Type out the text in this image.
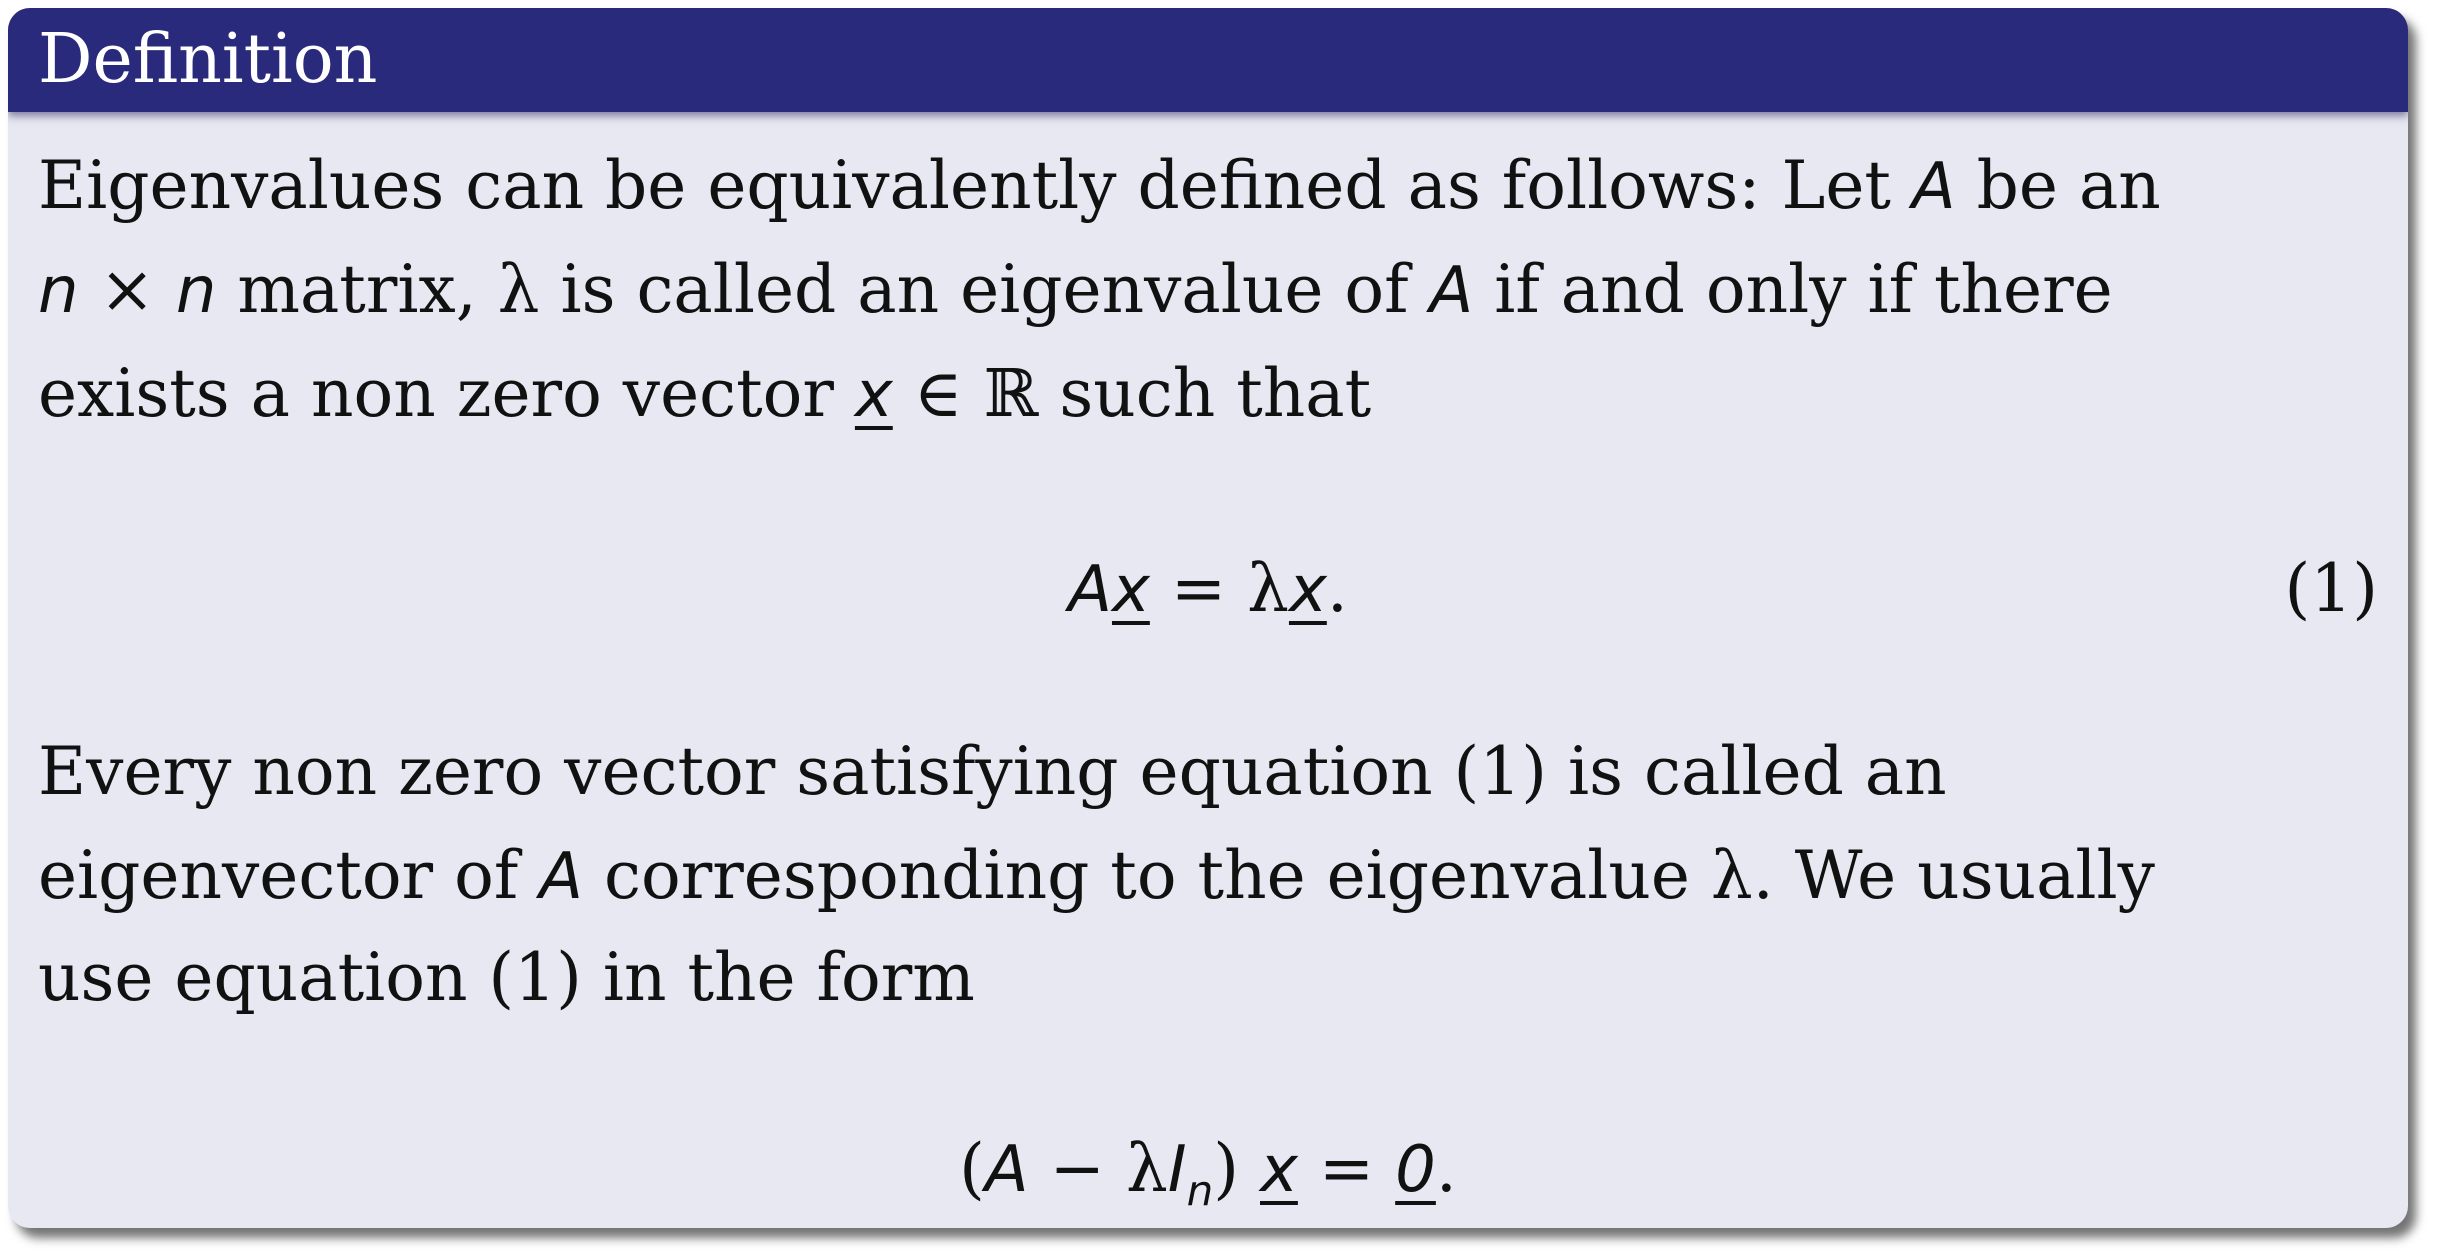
Definition
Eigenvalues can be equivalently defined as follows: Let A be an
n × n matrix, λ is called an eigenvalue of A if and only if there
exists a non zero vector x ∈ ℝ such that
Ax = λx.	(1)
Every non zero vector satisfying equation (1) is called an
eigenvector of A corresponding to the eigenvalue λ. We usually
use equation (1) in the form
$(A - \lambda I_n)$ x = 0.
